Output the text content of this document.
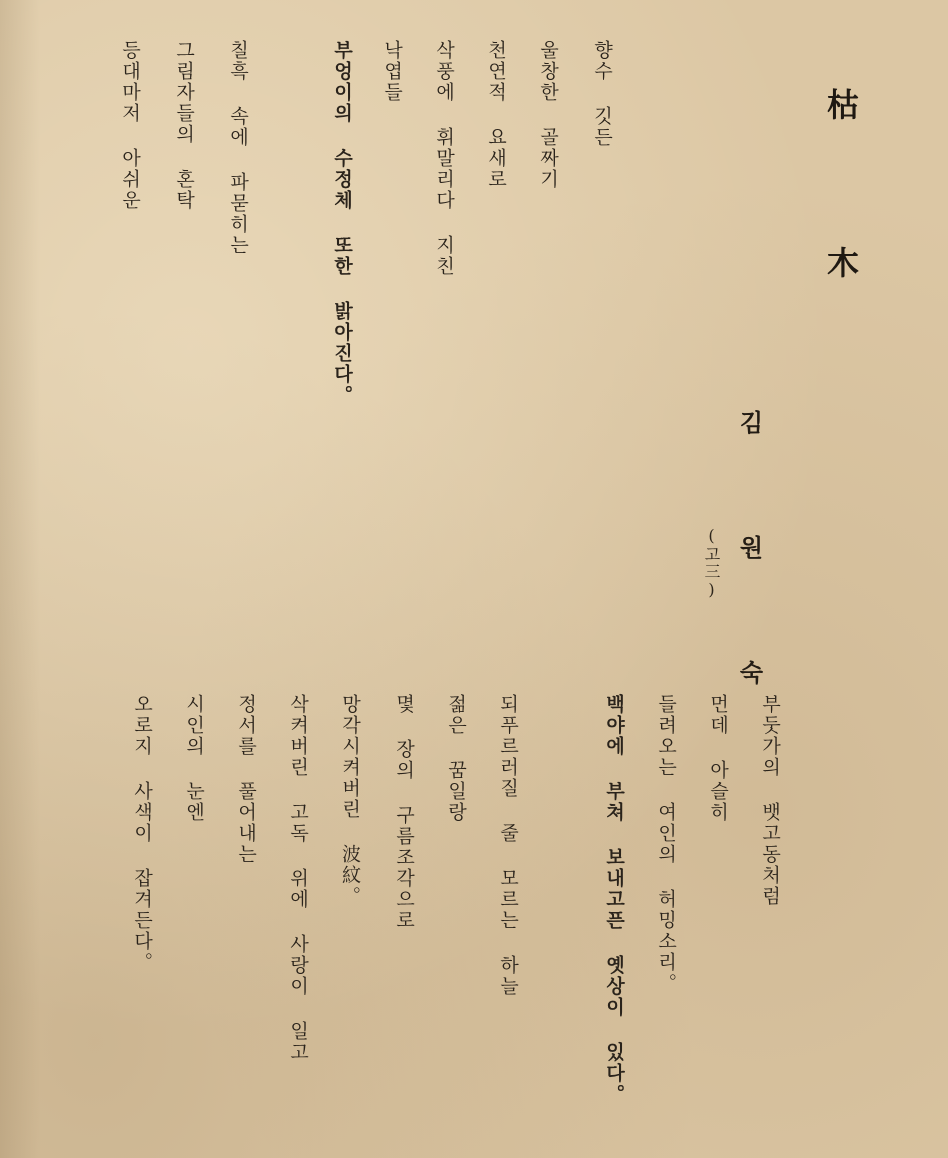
枯 木
김 원 숙
(고三)
향수 깃든
울창한 골짜기
천연적 요새로
삭풍에 휘말리다 지친
낙엽들
부엉이의 수정체 또한 밝아진다。
칠흑 속에 파묻히는
그림자들의 혼탁
등대마저 아쉬운
부둣가의 뱃고동처럼
먼데 아슬히
들려오는 여인의 허밍소리。
백야에 부쳐 보내고픈 옛상이 있다。
되푸르러질 줄 모르는 하늘
젊은 꿈일랑
몇 장의 구름조각으로
망각시켜버린 波紋。
삭켜버린 고독 위에 사랑이 일고
정서를 풀어내는
시인의 눈엔
오로지 사색이 잡겨든다。
